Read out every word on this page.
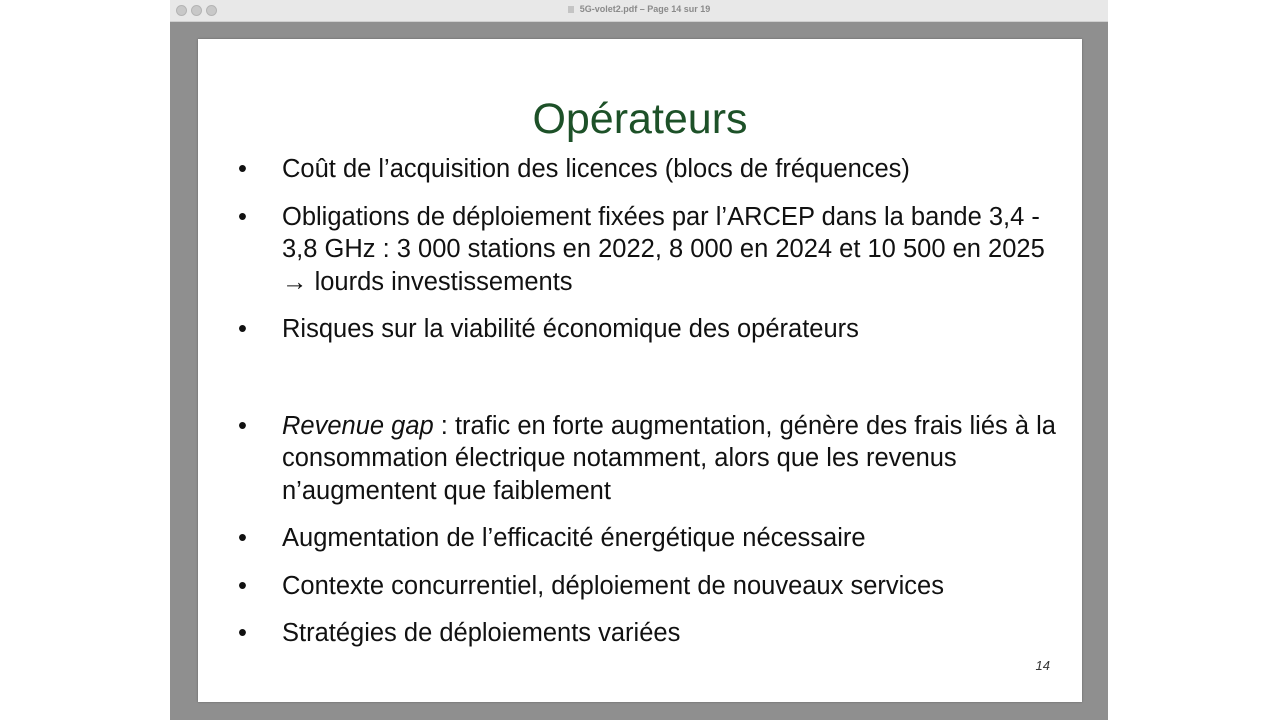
5G-volet2.pdf – Page 14 sur 19
Opérateurs
• Coût de l’acquisition des licences (blocs de fréquences)
• Obligations de déploiement fixées par l’ARCEP dans la bande 3,4 - 3,8 GHz : 3 000 stations en 2022, 8 000 en 2024 et 10 500 en 2025 → lourds investissements
• Risques sur la viabilité économique des opérateurs
• Revenue gap : trafic en forte augmentation, génère des frais liés à la consommation électrique notamment, alors que les revenus n’augmentent que faiblement
• Augmentation de l’efficacité énergétique nécessaire
• Contexte concurrentiel, déploiement de nouveaux services
• Stratégies de déploiements variées
14
